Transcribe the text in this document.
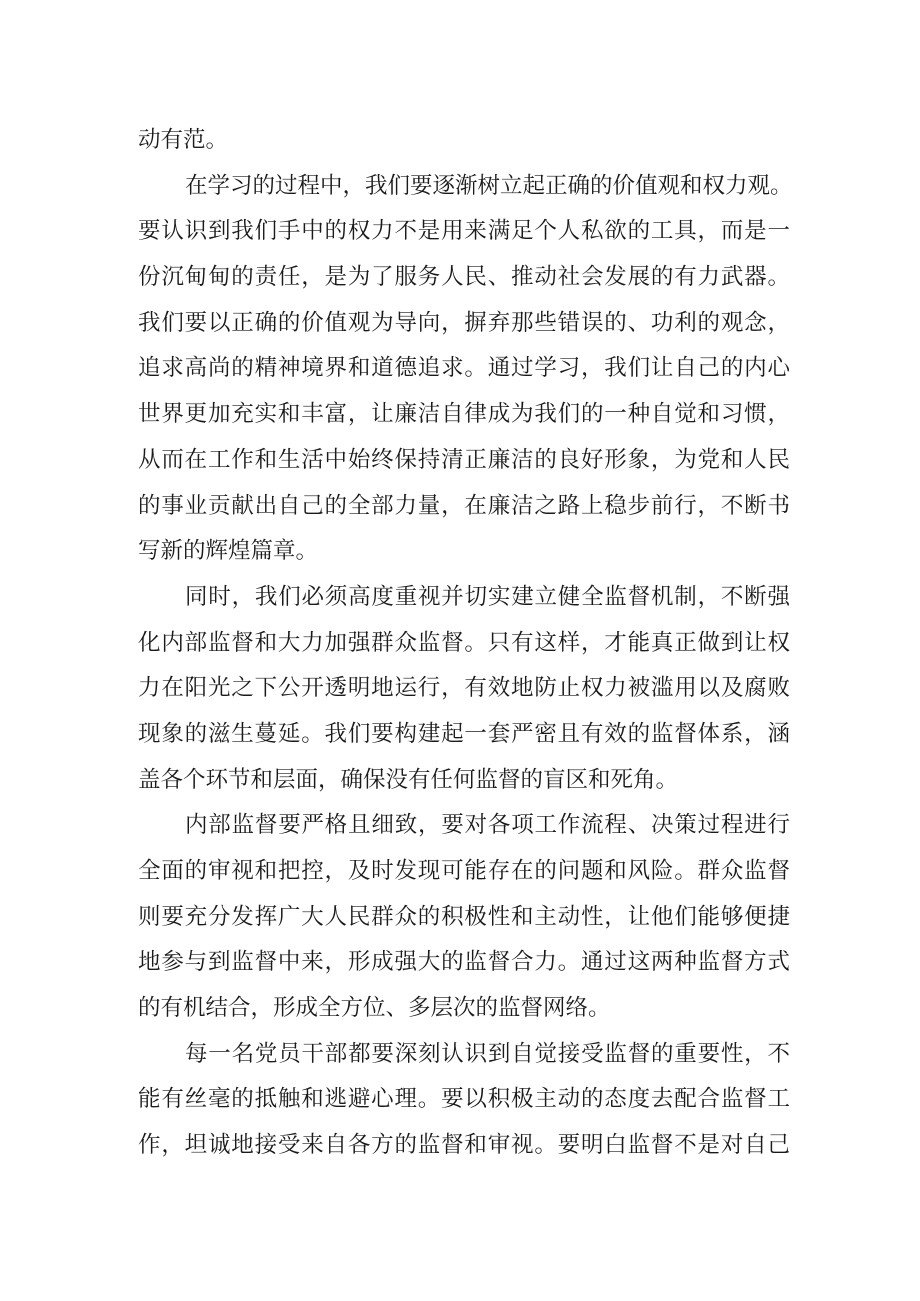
动有范。
在学习的过程中，我们要逐渐树立起正确的价值观和权力观。
要认识到我们手中的权力不是用来满足个人私欲的工具，而是一
份沉甸甸的责任，是为了服务人民、推动社会发展的有力武器。
我们要以正确的价值观为导向，摒弃那些错误的、功利的观念，
追求高尚的精神境界和道德追求。通过学习，我们让自己的内心
世界更加充实和丰富，让廉洁自律成为我们的一种自觉和习惯，
从而在工作和生活中始终保持清正廉洁的良好形象，为党和人民
的事业贡献出自己的全部力量，在廉洁之路上稳步前行，不断书
写新的辉煌篇章。
同时，我们必须高度重视并切实建立健全监督机制，不断强
化内部监督和大力加强群众监督。只有这样，才能真正做到让权
力在阳光之下公开透明地运行，有效地防止权力被滥用以及腐败
现象的滋生蔓延。我们要构建起一套严密且有效的监督体系，涵
盖各个环节和层面，确保没有任何监督的盲区和死角。
内部监督要严格且细致，要对各项工作流程、决策过程进行
全面的审视和把控，及时发现可能存在的问题和风险。群众监督
则要充分发挥广大人民群众的积极性和主动性，让他们能够便捷
地参与到监督中来，形成强大的监督合力。通过这两种监督方式
的有机结合，形成全方位、多层次的监督网络。
每一名党员干部都要深刻认识到自觉接受监督的重要性，不
能有丝毫的抵触和逃避心理。要以积极主动的态度去配合监督工
作，坦诚地接受来自各方的监督和审视。要明白监督不是对自己
